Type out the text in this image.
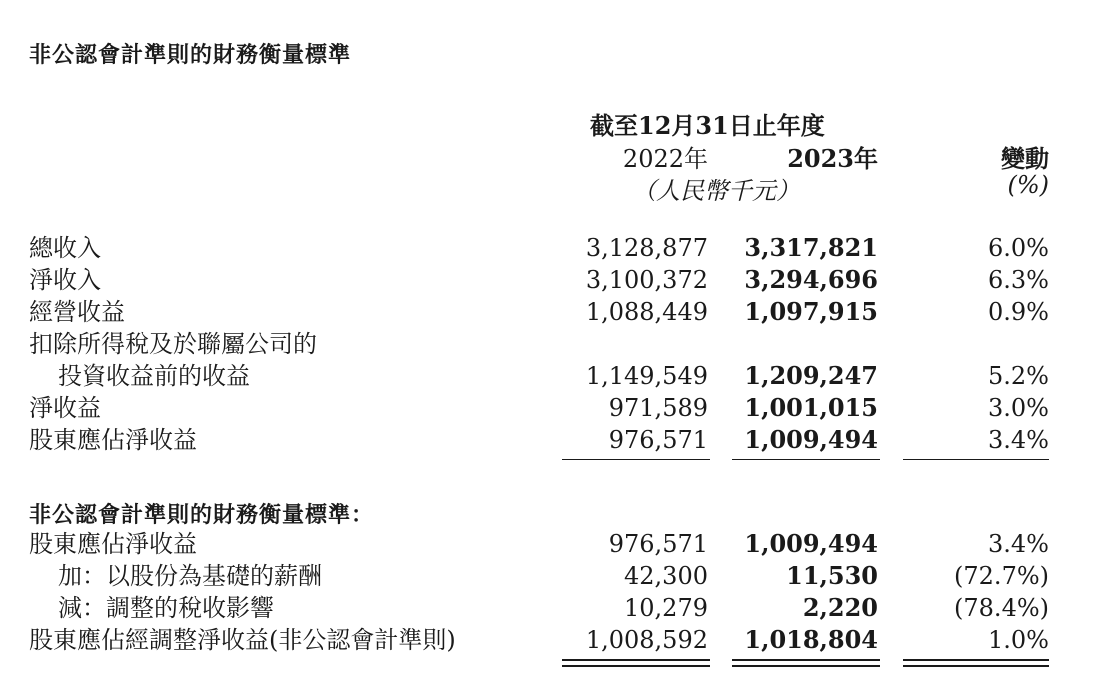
非公認會計準則的財務衡量標準
截至12月31日止年度
2022年	2023年	變動
（人民幣千元）	(%)
總收入	3,128,877 3,317,821	6.0%
淨收入	3,100,372 3,294,696	6.3%
經營收益	1,088,449 1,097,915	0.9%
扣除所得稅及於聯屬公司的
投資收益前的收益	1,149,549 1,209,247	5.2%
淨收益	971,589 1,001,015	3.0%
股東應佔淨收益	976,571 1,009,494	3.4%
非公認會計準則的財務衡量標準：
股東應佔淨收益	976,571 1,009,494	3.4%
加：以股份為基礎的薪酬	42,300	11,530	(72.7%)
減：調整的稅收影響	10,279	2,220	(78.4%)
股東應佔經調整淨收益(非公認會計準則)	1,008,592 1,018,804	1.0%
